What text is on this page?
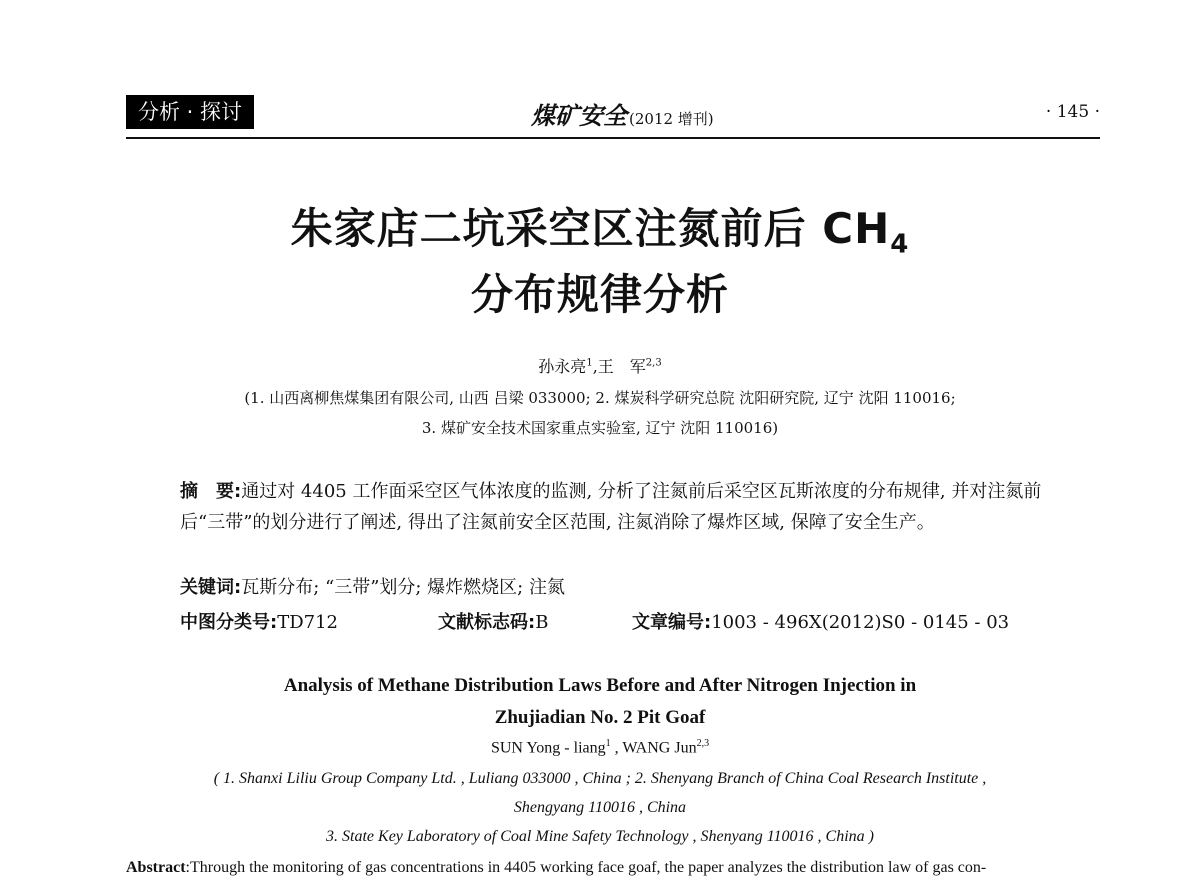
分析 · 探讨	煤矿安全 (2012 增刊)	· 145 ·
朱家店二坑采空区注氮前后 $CH_4$
分布规律分析
孙永亮$^1$,王　军$^{2,3}$
(1. 山西离柳焦煤集团有限公司, 山西 吕梁 033000; 2. 煤炭科学研究总院 沈阳研究院, 辽宁 沈阳 110016;
3. 煤矿安全技术国家重点实验室, 辽宁 沈阳 110016)
摘　要:通过对 4405 工作面采空区气体浓度的监测, 分析了注氮前后采空区瓦斯浓度的分布规律, 并对注氮前后“三带”的划分进行了阐述, 得出了注氮前安全区范围, 注氮消除了爆炸区域, 保障了安全生产。
关键词:瓦斯分布; “三带”划分; 爆炸燃烧区; 注氮
中图分类号:TD712	文献标志码:B	文章编号:1003 - 496X(2012)S0 - 0145 - 03
Analysis of Methane Distribution Laws Before and After Nitrogen Injection in
Zhujiadian No. 2 Pit Goaf
SUN Yong - liang$^1$ , WANG Jun$^{2,3}$
( 1. Shanxi Liliu Group Company Ltd. , Luliang 033000 , China ; 2. Shenyang Branch of China Coal Research Institute ,
Shengyang 110016 , China
3. State Key Laboratory of Coal Mine Safety Technology , Shenyang 110016 , China )
Abstract:Through the monitoring of gas concentrations in 4405 working face goaf, the paper analyzes the distribution law of gas con-
